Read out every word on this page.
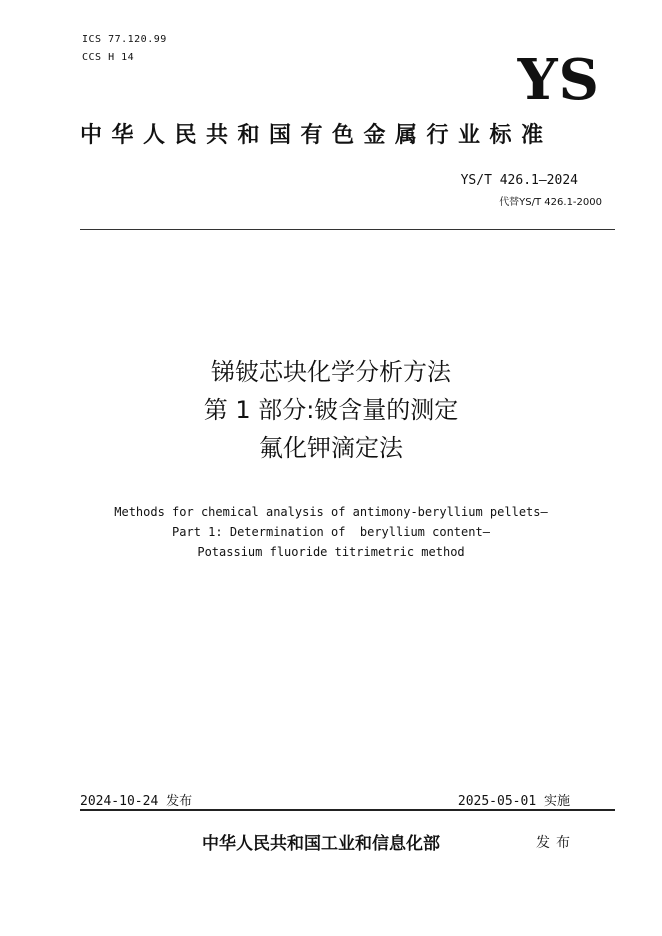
ICS 77.120.99
CCS H 14	YS
中华人民共和国有色金属行业标准
YS/T 426.1—2024
代替YS/T 426.1-2000
锑铍芯块化学分析方法
第 1 部分:铍含量的测定
氟化钾滴定法
Methods for chemical analysis of antimony-beryllium pellets—
Part 1: Determination of  beryllium content—
Potassium fluoride titrimetric method
2024-10-24 发布	2025-05-01 实施
中华人民共和国工业和信息化部	发布
